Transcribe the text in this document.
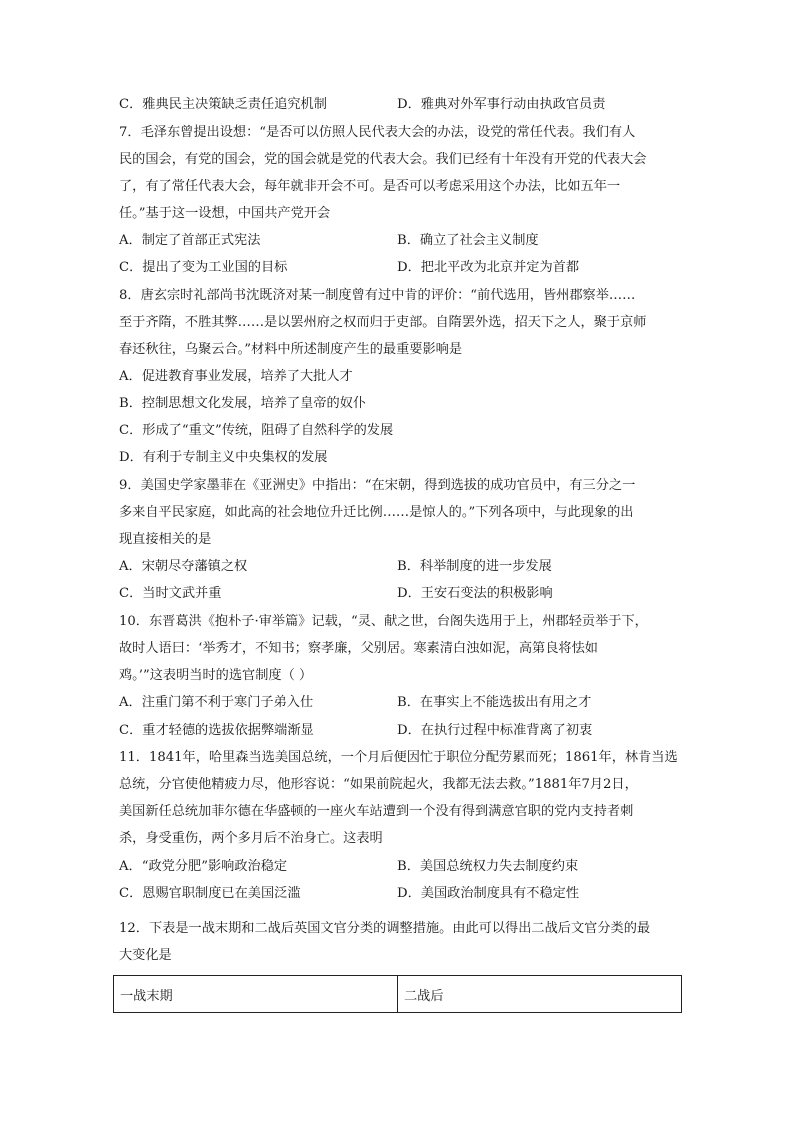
C．雅典民主决策缺乏责任追究机制	D．雅典对外军事行动由执政官员责
7．毛泽东曾提出设想：“是否可以仿照人民代表大会的办法，设党的常任代表。我们有人
民的国会，有党的国会，党的国会就是党的代表大会。我们已经有十年没有开党的代表大会
了，有了常任代表大会，每年就非开会不可。是否可以考虑采用这个办法，比如五年一
任。”基于这一设想，中国共产党开会
A．制定了首部正式宪法	B．确立了社会主义制度
C．提出了变为工业国的目标	D．把北平改为北京并定为首都
8．唐玄宗时礼部尚书沈既济对某一制度曾有过中肯的评价：“前代选用，皆州郡察举……
至于齐隋，不胜其弊……是以罢州府之权而归于吏部。自隋罢外选，招天下之人，聚于京师
春还秋往，乌聚云合。”材料中所述制度产生的最重要影响是
A．促进教育事业发展，培养了大批人才
B．控制思想文化发展，培养了皇帝的奴仆
C．形成了“重文”传统，阻碍了自然科学的发展
D．有利于专制主义中央集权的发展
9．美国史学家墨菲在《亚洲史》中指出：“在宋朝，得到选拔的成功官员中，有三分之一
多来自平民家庭，如此高的社会地位升迁比例……是惊人的。”下列各项中，与此现象的出
现直接相关的是
A．宋朝尽夺藩镇之权	B．科举制度的进一步发展
C．当时文武并重	D．王安石变法的积极影响
10．东晋葛洪《抱朴子·审举篇》记载，“灵、献之世，台阁失选用于上，州郡轻贡举于下，
故时人语曰：‘举秀才，不知书；察孝廉，父别居。寒素清白浊如泥，高第良将怯如
鸡。’”这表明当时的选官制度（ ）
A．注重门第不利于寒门子弟入仕	B．在事实上不能选拔出有用之才
C．重才轻德的选拔依据弊端渐显	D．在执行过程中标准背离了初衷
11．1841年，哈里森当选美国总统，一个月后便因忙于职位分配劳累而死；1861年，林肯当选
总统，分官使他精疲力尽，他形容说：“如果前院起火，我都无法去救。”1881年7月2日，
美国新任总统加菲尔德在华盛顿的一座火车站遭到一个没有得到满意官职的党内支持者刺
杀，身受重伤，两个多月后不治身亡。这表明
A．“政党分肥”影响政治稳定	B．美国总统权力失去制度约束
C．恩赐官职制度已在美国泛滥	D．美国政治制度具有不稳定性
12．下表是一战末期和二战后英国文官分类的调整措施。由此可以得出二战后文官分类的最
大变化是
一战末期	二战后
